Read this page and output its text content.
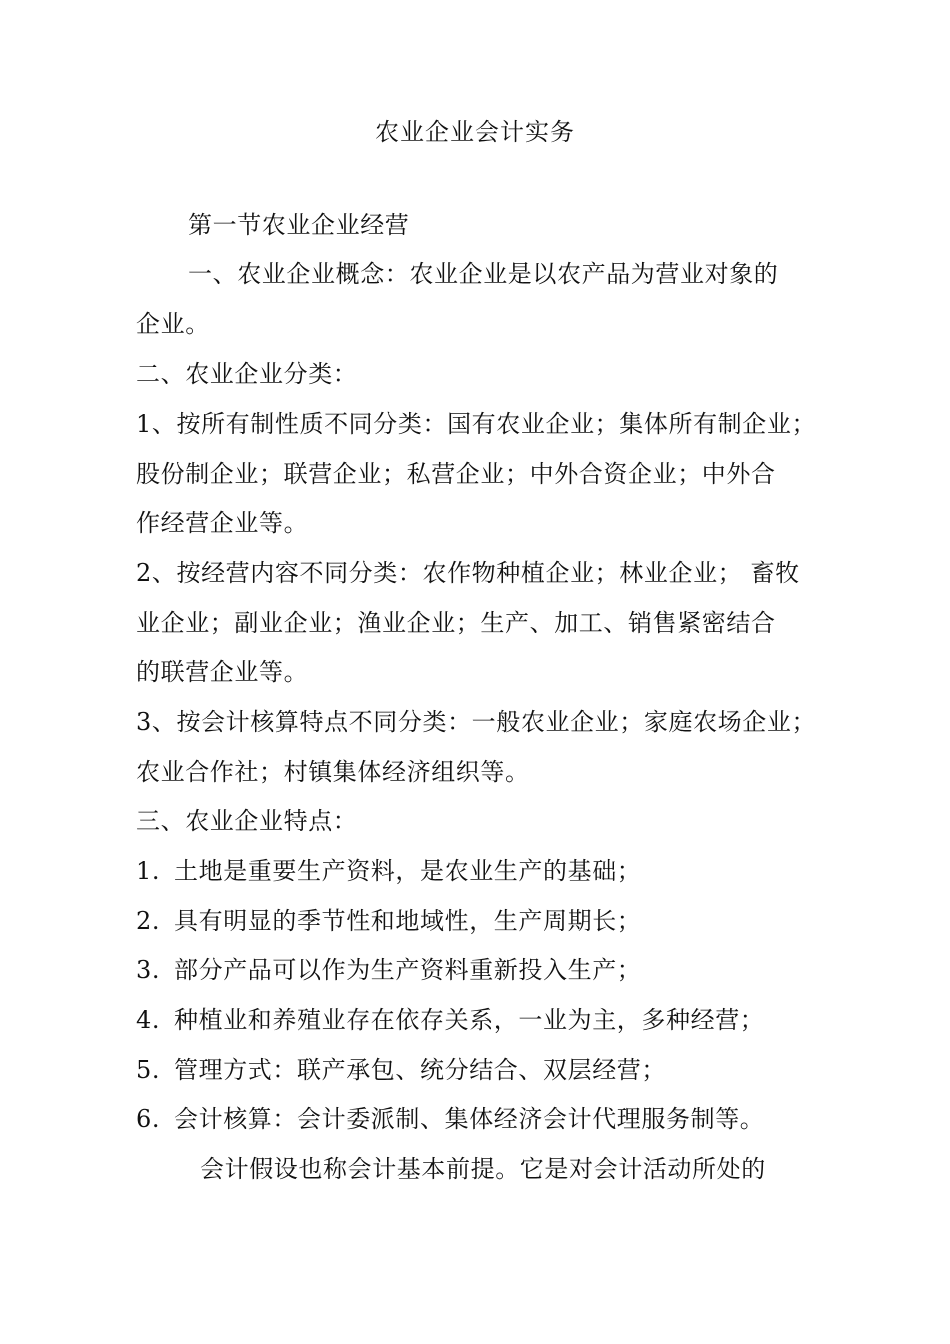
农业企业会计实务
第一节农业企业经营
一、农业企业概念：农业企业是以农产品为营业对象的
企业。
二、农业企业分类：
1、按所有制性质不同分类：国有农业企业；集体所有制企业；
股份制企业；联营企业；私营企业；中外合资企业；中外合
作经营企业等。
2、按经营内容不同分类：农作物种植企业；林业企业； 畜牧
业企业；副业企业；渔业企业；生产、加工、销售紧密结合
的联营企业等。
3、按会计核算特点不同分类：一般农业企业；家庭农场企业；
农业合作社；村镇集体经济组织等。
三、农业企业特点：
1. 土地是重要生产资料，是农业生产的基础；
2. 具有明显的季节性和地域性，生产周期长；
3. 部分产品可以作为生产资料重新投入生产；
4. 种植业和养殖业存在依存关系，一业为主，多种经营；
5. 管理方式：联产承包、统分结合、双层经营；
6. 会计核算：会计委派制、集体经济会计代理服务制等。
会计假设也称会计基本前提。它是对会计活动所处的
